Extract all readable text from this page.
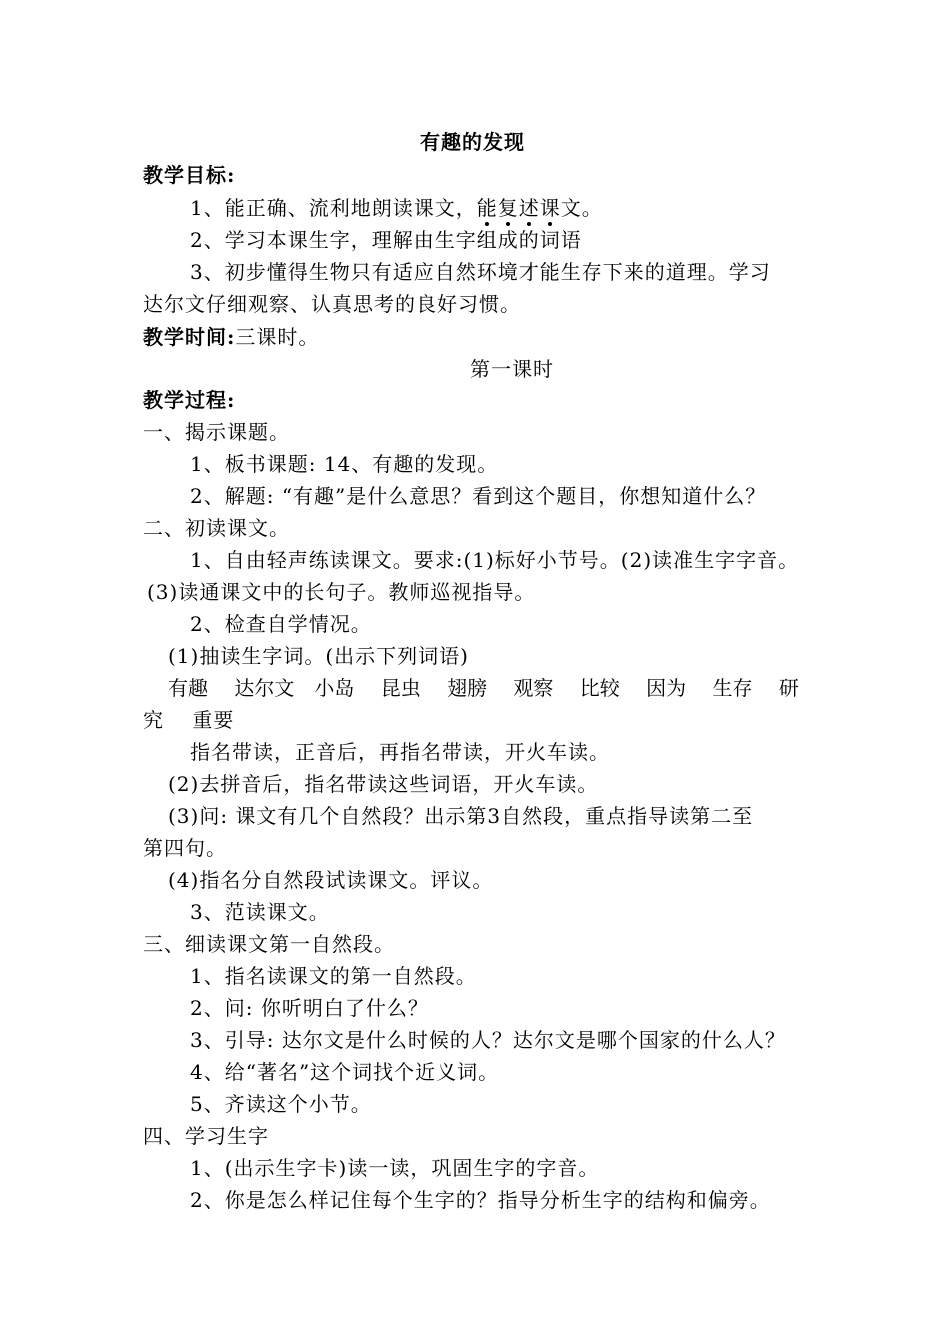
有趣的发现
教学目标:
1、能正确、流利地朗读课文，能复述课文。
2、学习本课生字，理解由生字组成的词语
3、初步懂得生物只有适应自然环境才能生存下来的道理。学习
达尔文仔细观察、认真思考的良好习惯。
教学时间:三课时。
第一课时
教学过程:
一、揭示课题。
1、板书课题: 14、有趣的发现。
2、解题: “有趣”是什么意思？看到这个题目，你想知道什么？
二、初读课文。
1、自由轻声练读课文。要求:(1)标好小节号。(2)读准生字字音。
(3)读通课文中的长句子。教师巡视指导。
2、检查自学情况。
(1)抽读生字词。(出示下列词语)
有趣　 达尔文　小岛　 昆虫　 翅膀　 观察　 比较　 因为　 生存　 研
究　 重要
指名带读，正音后，再指名带读，开火车读。
(2)去拼音后，指名带读这些词语，开火车读。
(3)问: 课文有几个自然段？出示第3自然段，重点指导读第二至
第四句。
(4)指名分自然段试读课文。评议。
3、范读课文。
三、细读课文第一自然段。
1、指名读课文的第一自然段。
2、问: 你听明白了什么？
3、引导: 达尔文是什么时候的人？达尔文是哪个国家的什么人？
4、给“著名”这个词找个近义词。
5、齐读这个小节。
四、学习生字
1、(出示生字卡)读一读，巩固生字的字音。
2、你是怎么样记住每个生字的？指导分析生字的结构和偏旁。
